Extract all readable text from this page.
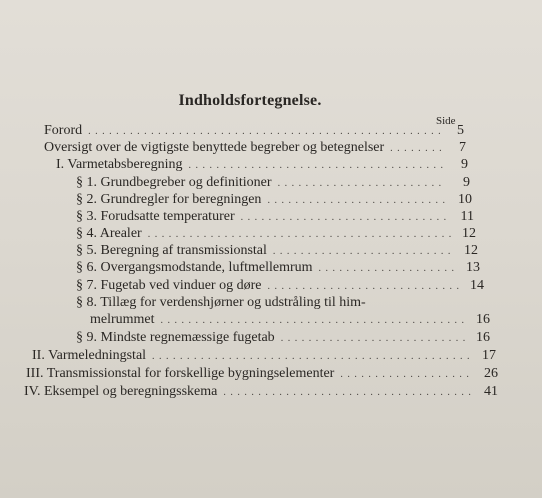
Indholdsfortegnelse.
Side
Forord . . .	5
Oversigt over de vigtigste benyttede begreber og betegnelser . . .	7
I. Varmetabsberegning . . .	9
§ 1. Grundbegreber og definitioner . . .	9
§ 2. Grundregler for beregningen . . .	10
§ 3. Forudsatte temperaturer . . .	11
§ 4. Arealer . . .	12
§ 5. Beregning af transmissionstal . . .	12
§ 6. Overgangsmodstande, luftmellemrum . . .	13
§ 7. Fugetab ved vinduer og døre . . .	14
§ 8. Tillæg for verdenshjørner og udstråling til him-
melrummet . . .	16
§ 9. Mindste regnemæssige fugetab . . .	16
II. Varmeledningstal . . .	17
III. Transmissionstal for forskellige bygningselementer . . .	26
IV. Eksempel og beregningsskema . . .	41
